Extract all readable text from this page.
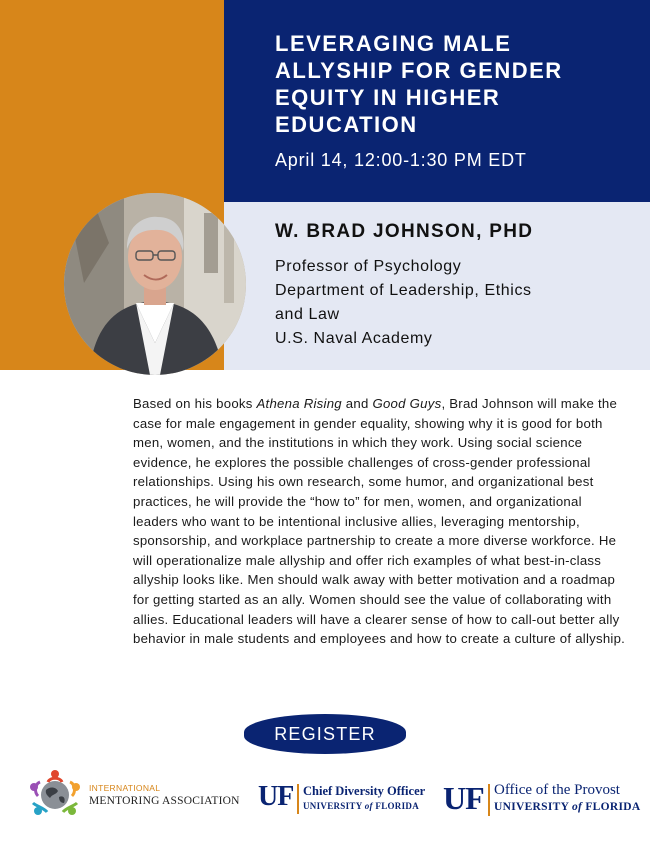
LEVERAGING MALE
ALLYSHIP FOR GENDER
EQUITY IN HIGHER
EDUCATION
April 14, 12:00-1:30 PM EDT
W. BRAD JOHNSON, PHD
Professor of Psychology
Department of Leadership, Ethics
and Law
U.S. Naval Academy

Based on his books Athena Rising and Good Guys, Brad Johnson will make the case for male engagement in gender equality, showing why it is good for both men, women, and the institutions in which they work. Using social science evidence, he explores the possible challenges of cross-gender professional relationships. Using his own research, some humor, and organizational best practices, he will provide the “how to” for men, women, and organizational leaders who want to be intentional inclusive allies, leveraging mentorship, sponsorship, and workplace partnership to create a more diverse workforce. He will operationalize male allyship and offer rich examples of what best-in-class allyship looks like. Men should walk away with better motivation and a roadmap for getting started as an ally. Women should see the value of collaborating with allies. Educational leaders will have a clearer sense of how to call-out better ally behavior in male students and employees and how to create a culture of allyship.

REGISTER
INTERNATIONAL
MENTORING ASSOCIATION UF Chief Diversity Officer
UNIVERSITY of FLORIDA UF Office of the Provost
UNIVERSITY of FLORIDA
